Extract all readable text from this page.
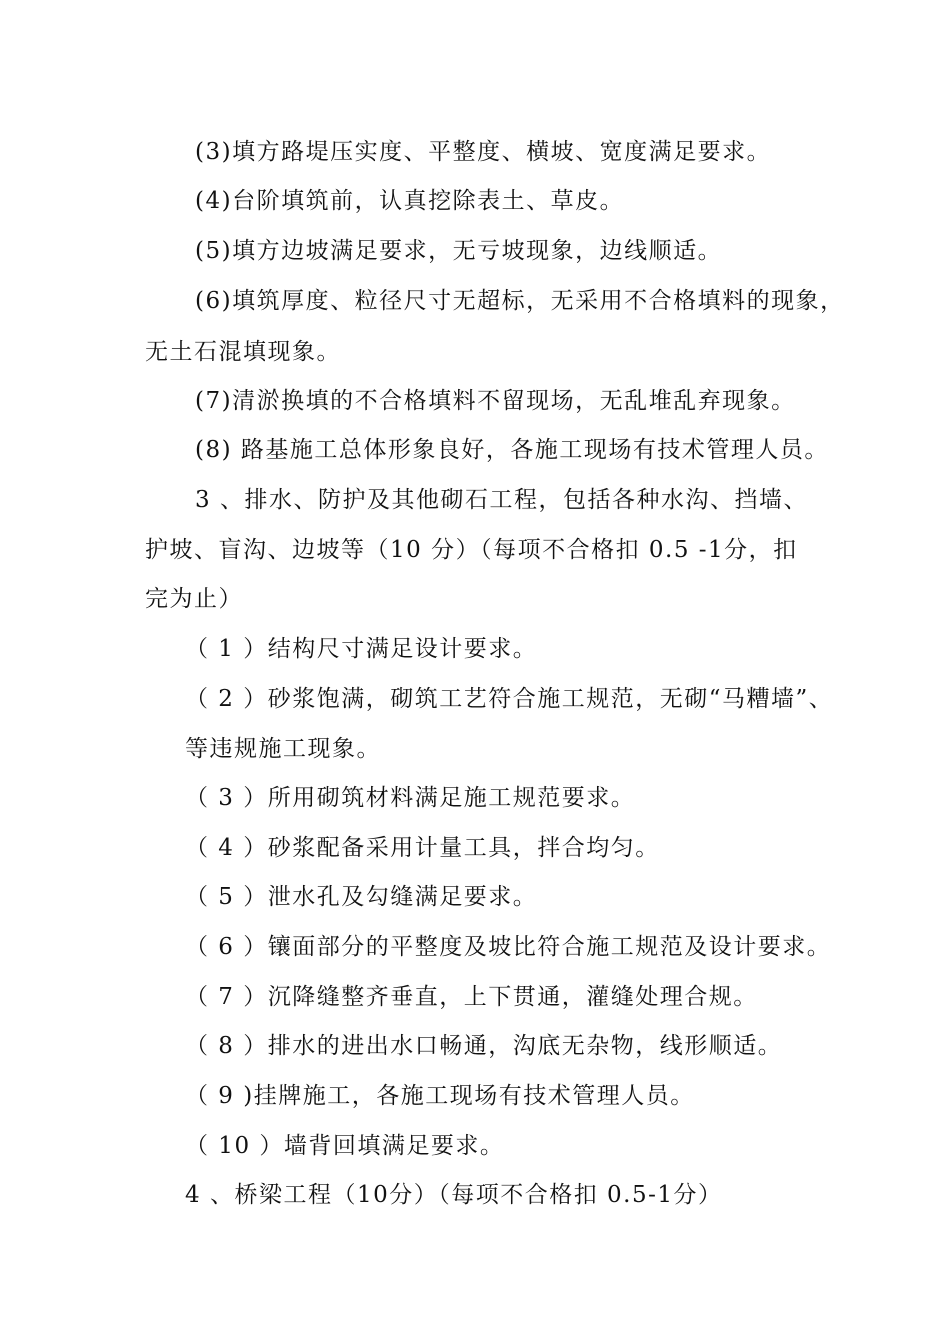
(3)填方路堤压实度、平整度、横坡、宽度满足要求。
(4)台阶填筑前，认真挖除表土、草皮。
(5)填方边坡满足要求，无亏坡现象，边线顺适。
(6)填筑厚度、粒径尺寸无超标，无采用不合格填料的现象，
无土石混填现象。
(7)清淤换填的不合格填料不留现场，无乱堆乱弃现象。
(8) 路基施工总体形象良好，各施工现场有技术管理人员。
3 、排水、防护及其他砌石工程，包括各种水沟、挡墙、
护坡、盲沟、边坡等（10 分）（每项不合格扣 0.5 -1分，扣
完为止）
（ 1 ）结构尺寸满足设计要求。
（ 2 ）砂浆饱满，砌筑工艺符合施工规范，无砌“马糟墙”、
等违规施工现象。
（ 3 ）所用砌筑材料满足施工规范要求。
（ 4 ）砂浆配备采用计量工具，拌合均匀。
（ 5 ）泄水孔及勾缝满足要求。
（ 6 ）镶面部分的平整度及坡比符合施工规范及设计要求。
（ 7 ）沉降缝整齐垂直，上下贯通，灌缝处理合规。
（ 8 ）排水的进出水口畅通，沟底无杂物，线形顺适。
（ 9 )挂牌施工，各施工现场有技术管理人员。
（ 10 ）墙背回填满足要求。
4 、桥梁工程（10分）（每项不合格扣 0.5-1分）
